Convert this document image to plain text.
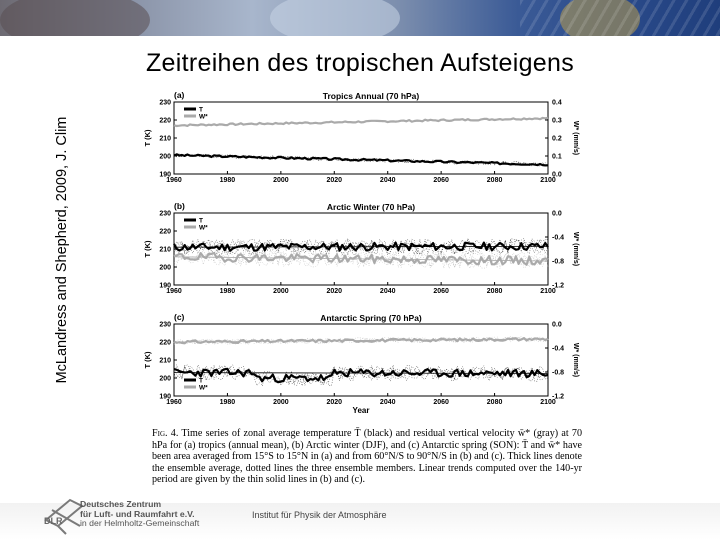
Zeitreihen des tropischen Aufsteigens
McLandress and Shepherd, 2009, J. Clim
(a)	Tropics Annual (70 hPa)
1960	1980	2000	2020	2040	2060	2080	2100
190
200
210
220
230
0.0
0.1
0.2
0.3
0.4
T (K)	W* (mm/s)
T
W*
(b)	Arctic Winter (70 hPa)
1960	1980	2000	2020	2040	2060	2080	2100
190
200
210
220
230	0.0
-0.4
-0.8
-1.2
T (K)	W* (mm/s)
T
W*
(c)	Antarctic Spring (70 hPa)
1960	1980	2000	2020	2040	2060	2080	2100
190
200
210
220
230	0.0
-0.4
-0.8
-1.2
T (K)	W* (mm/s)
Year
T
W*
Fig. 4. Time series of zonal average temperature T̄ (black) and residual vertical velocity w̄* (gray) at 70 hPa for (a) tropics (annual mean), (b) Arctic winter (DJF), and (c) Antarctic spring (SON): T̄ and w̄* have been area averaged from 15°S to 15°N in (a) and from 60°N/S to 90°N/S in (b) and (c). Thick lines denote the ensemble average, dotted lines the three ensemble members. Linear trends computed over the 140-yr period are given by the thin solid lines in (b) and (c).
Deutsches Zentrum
für Luft- und Raumfahrt e.V.
in der Helmholtz-Gemeinschaft
DLR
Institut für Physik der Atmosphäre
